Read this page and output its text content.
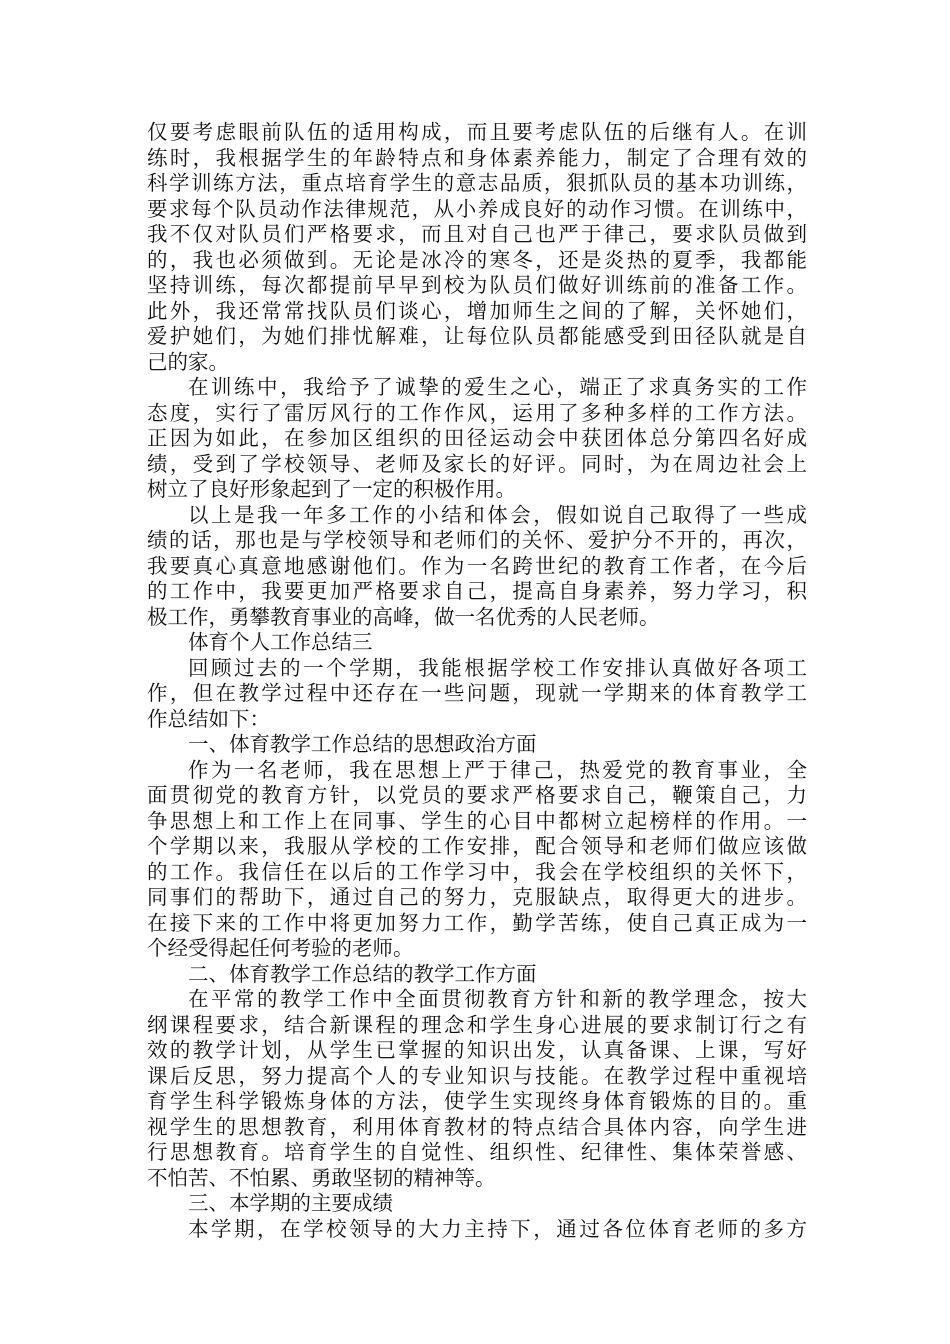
仅要考虑眼前队伍的适用构成，而且要考虑队伍的后继有人。在训
练时，我根据学生的年龄特点和身体素养能力，制定了合理有效的
科学训练方法，重点培育学生的意志品质，狠抓队员的基本功训练，
要求每个队员动作法律规范，从小养成良好的动作习惯。在训练中，
我不仅对队员们严格要求，而且对自己也严于律己，要求队员做到
的，我也必须做到。无论是冰冷的寒冬，还是炎热的夏季，我都能
坚持训练，每次都提前早早到校为队员们做好训练前的准备工作。
此外，我还常常找队员们谈心，增加师生之间的了解，关怀她们，
爱护她们，为她们排忧解难，让每位队员都能感受到田径队就是自
己的家。
在训练中，我给予了诚挚的爱生之心，端正了求真务实的工作
态度，实行了雷厉风行的工作作风，运用了多种多样的工作方法。
正因为如此，在参加区组织的田径运动会中获团体总分第四名好成
绩，受到了学校领导、老师及家长的好评。同时，为在周边社会上
树立了良好形象起到了一定的积极作用。
以上是我一年多工作的小结和体会，假如说自己取得了一些成
绩的话，那也是与学校领导和老师们的关怀、爱护分不开的，再次，
我要真心真意地感谢他们。作为一名跨世纪的教育工作者，在今后
的工作中，我要更加严格要求自己，提高自身素养，努力学习，积
极工作，勇攀教育事业的高峰，做一名优秀的人民老师。
体育个人工作总结三
回顾过去的一个学期，我能根据学校工作安排认真做好各项工
作，但在教学过程中还存在一些问题，现就一学期来的体育教学工
作总结如下：
一、体育教学工作总结的思想政治方面
作为一名老师，我在思想上严于律己，热爱党的教育事业，全
面贯彻党的教育方针，以党员的要求严格要求自己，鞭策自己，力
争思想上和工作上在同事、学生的心目中都树立起榜样的作用。一
个学期以来，我服从学校的工作安排，配合领导和老师们做应该做
的工作。我信任在以后的工作学习中，我会在学校组织的关怀下，
同事们的帮助下，通过自己的努力，克服缺点，取得更大的进步。
在接下来的工作中将更加努力工作，勤学苦练，使自己真正成为一
个经受得起任何考验的老师。
二、体育教学工作总结的教学工作方面
在平常的教学工作中全面贯彻教育方针和新的教学理念，按大
纲课程要求，结合新课程的理念和学生身心进展的要求制订行之有
效的教学计划，从学生已掌握的知识出发，认真备课、上课，写好
课后反思，努力提高个人的专业知识与技能。在教学过程中重视培
育学生科学锻炼身体的方法，使学生实现终身体育锻炼的目的。重
视学生的思想教育，利用体育教材的特点结合具体内容，向学生进
行思想教育。培育学生的自觉性、组织性、纪律性、集体荣誉感、
不怕苦、不怕累、勇敢坚韧的精神等。
三、本学期的主要成绩
本学期，在学校领导的大力主持下，通过各位体育老师的多方
